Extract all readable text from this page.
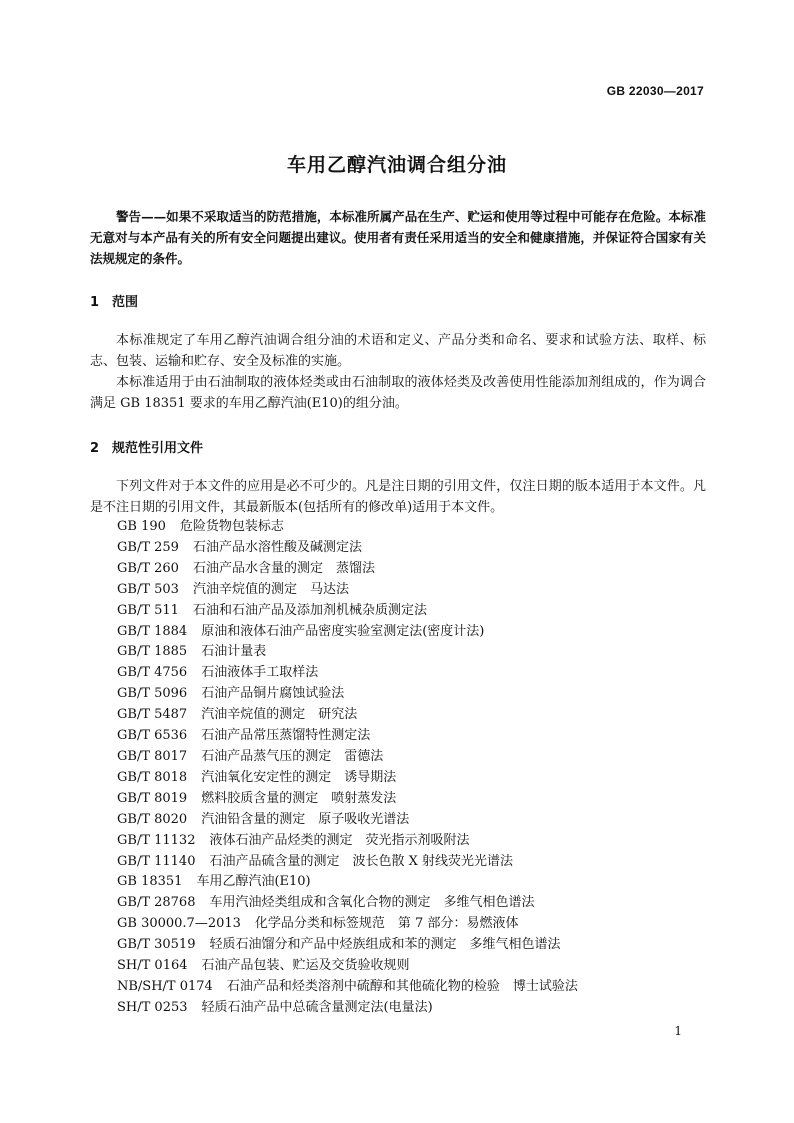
GB 22030—2017
车用乙醇汽油调合组分油

警告——如果不采取适当的防范措施，本标准所属产品在生产、贮运和使用等过程中可能存在危险。本标准无意对与本产品有关的所有安全问题提出建议。使用者有责任采用适当的安全和健康措施，并保证符合国家有关法规规定的条件。

1 范围

本标准规定了车用乙醇汽油调合组分油的术语和定义、产品分类和命名、要求和试验方法、取样、标志、包装、运输和贮存、安全及标准的实施。

本标准适用于由石油制取的液体烃类或由石油制取的液体烃类及改善使用性能添加剂组成的，作为调合满足 GB 18351 要求的车用乙醇汽油(E10)的组分油。

2 规范性引用文件

下列文件对于本文件的应用是必不可少的。凡是注日期的引用文件，仅注日期的版本适用于本文件。凡是不注日期的引用文件，其最新版本(包括所有的修改单)适用于本文件。

GB 190 危险货物包装标志
GB/T 259 石油产品水溶性酸及碱测定法
GB/T 260 石油产品水含量的测定　蒸馏法
GB/T 503 汽油辛烷值的测定　马达法
GB/T 511 石油和石油产品及添加剂机械杂质测定法
GB/T 1884 原油和液体石油产品密度实验室测定法(密度计法)
GB/T 1885 石油计量表
GB/T 4756 石油液体手工取样法
GB/T 5096 石油产品铜片腐蚀试验法
GB/T 5487 汽油辛烷值的测定　研究法
GB/T 6536 石油产品常压蒸馏特性测定法
GB/T 8017 石油产品蒸气压的测定　雷德法
GB/T 8018 汽油氧化安定性的测定　诱导期法
GB/T 8019 燃料胶质含量的测定　喷射蒸发法
GB/T 8020 汽油铅含量的测定　原子吸收光谱法
GB/T 11132 液体石油产品烃类的测定　荧光指示剂吸附法
GB/T 11140 石油产品硫含量的测定　波长色散 X 射线荧光光谱法
GB 18351 车用乙醇汽油(E10)
GB/T 28768 车用汽油烃类组成和含氧化合物的测定　多维气相色谱法
GB 30000.7—2013 化学品分类和标签规范　第 7 部分：易燃液体
GB/T 30519 轻质石油馏分和产品中烃族组成和苯的测定　多维气相色谱法
SH/T 0164 石油产品包装、贮运及交货验收规则
NB/SH/T 0174 石油产品和烃类溶剂中硫醇和其他硫化物的检验　博士试验法
SH/T 0253 轻质石油产品中总硫含量测定法(电量法)
1
